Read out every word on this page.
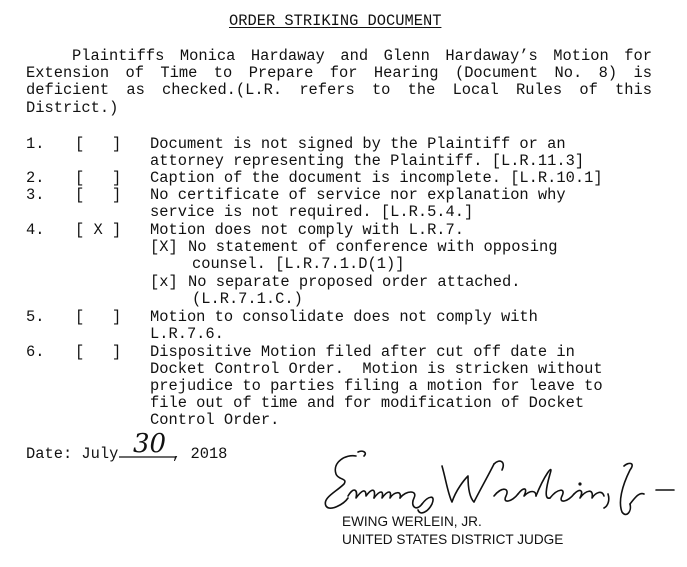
ORDER STRIKING DOCUMENT

Plaintiffs Monica Hardaway and Glenn Hardaway’s Motion for Extension of Time to Prepare for Hearing (Document No. 8) is deficient as checked.(L.R. refers to the Local Rules of this District.)

1. [   ] Document is not signed by the Plaintiff or an
attorney representing the Plaintiff. [L.R.11.3]
2. [   ] Caption of the document is incomplete. [L.R.10.1]
3. [   ] No certificate of service nor explanation why
service is not required. [L.R.5.4.]
4. [ X ] Motion does not comply with L.R.7.
[X] No statement of conference with opposing
counsel. [L.R.7.1.D(1)]
[x] No separate proposed order attached.
(L.R.7.1.C.)
5. [   ] Motion to consolidate does not comply with
L.R.7.6.
6. [   ] Dispositive Motion filed after cut off date in
Docket Control Order.  Motion is stricken without
prejudice to parties filing a motion for leave to
file out of time and for modification of Docket
Control Order.
Date: July 30 , 2018
EWING WERLEIN, JR.
UNITED STATES DISTRICT JUDGE
